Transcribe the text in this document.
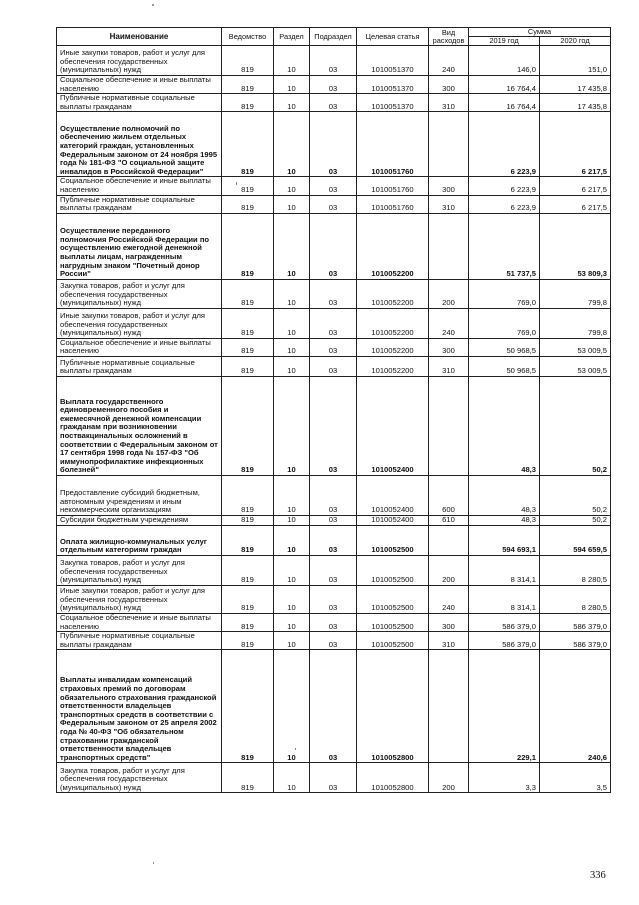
Наименование	Ведомство	Раздел	Подраздел	Целевая статья	Вид расходов	Сумма	
						2019 год	2020 год
Иные закупки товаров, работ и услуг для обеспечения государственных (муниципальных) нужд	819	10	03	1010051370	240	146,0	151,0
Социальное обеспечение и иные выплаты населению	819	10	03	1010051370	300	16 764,4	17 435,8
Публичные нормативные социальные выплаты гражданам	819	10	03	1010051370	310	16 764,4	17 435,8
Осуществление полномочий по обеспечению жильем отдельных категорий граждан, установленных Федеральным законом от 24 ноября 1995 года № 181-ФЗ "О социальной защите инвалидов в Российской Федерации"	819	10	03	1010051760		6 223,9	6 217,5
Социальное обеспечение и иные выплаты населению	819	10	03	1010051760	300	6 223,9	6 217,5
Публичные нормативные социальные выплаты гражданам	819	10	03	1010051760	310	6 223,9	6 217,5
Осуществление переданного полномочия Российской Федерации по осуществлению ежегодной денежной выплаты лицам, награжденным нагрудным знаком "Почетный донор России"	819	10	03	1010052200		51 737,5	53 809,3
Закупка товаров, работ и услуг для обеспечения государственных (муниципальных) нужд	819	10	03	1010052200	200	769,0	799,8
Иные закупки товаров, работ и услуг для обеспечения государственных (муниципальных) нужд	819	10	03	1010052200	240	769,0	799,8
Социальное обеспечение и иные выплаты населению	819	10	03	1010052200	300	50 968,5	53 009,5
Публичные нормативные социальные выплаты гражданам	819	10	03	1010052200	310	50 968,5	53 009,5
Выплата государственного единовременного пособия и ежемесячной денежной компенсации гражданам при возникновении поствакцинальных осложнений в соответствии с Федеральным законом от 17 сентября 1998 года № 157-ФЗ "Об иммунопрофилактике инфекционных болезней"	819	10	03	1010052400		48,3	50,2
Предоставление субсидий бюджетным, автономным учреждениям и иным некоммерческим организациям	819	10	03	1010052400	600	48,3	50,2
Субсидии бюджетным учреждениям	819	10	03	1010052400	610	48,3	50,2
Оплата жилищно-коммунальных услуг отдельным категориям граждан	819	10	03	1010052500		594 693,1	594 659,5
Закупка товаров, работ и услуг для обеспечения государственных (муниципальных) нужд	819	10	03	1010052500	200	8 314,1	8 280,5
Иные закупки товаров, работ и услуг для обеспечения государственных (муниципальных) нужд	819	10	03	1010052500	240	8 314,1	8 280,5
Социальное обеспечение и иные выплаты населению	819	10	03	1010052500	300	586 379,0	586 379,0
Публичные нормативные социальные выплаты гражданам	819	10	03	1010052500	310	586 379,0	586 379,0
Выплаты инвалидам компенсаций страховых премий по договорам обязательного страхования гражданской ответственности владельцев транспортных средств в соответствии с Федеральным законом от 25 апреля 2002 года № 40-ФЗ "Об обязательном страховании гражданской ответственности владельцев транспортных средств"	819	10	03	1010052800		229,1	240,6
Закупка товаров, работ и услуг для обеспечения государственных (муниципальных) нужд	819	10	03	1010052800	200	3,3	3,5
336
